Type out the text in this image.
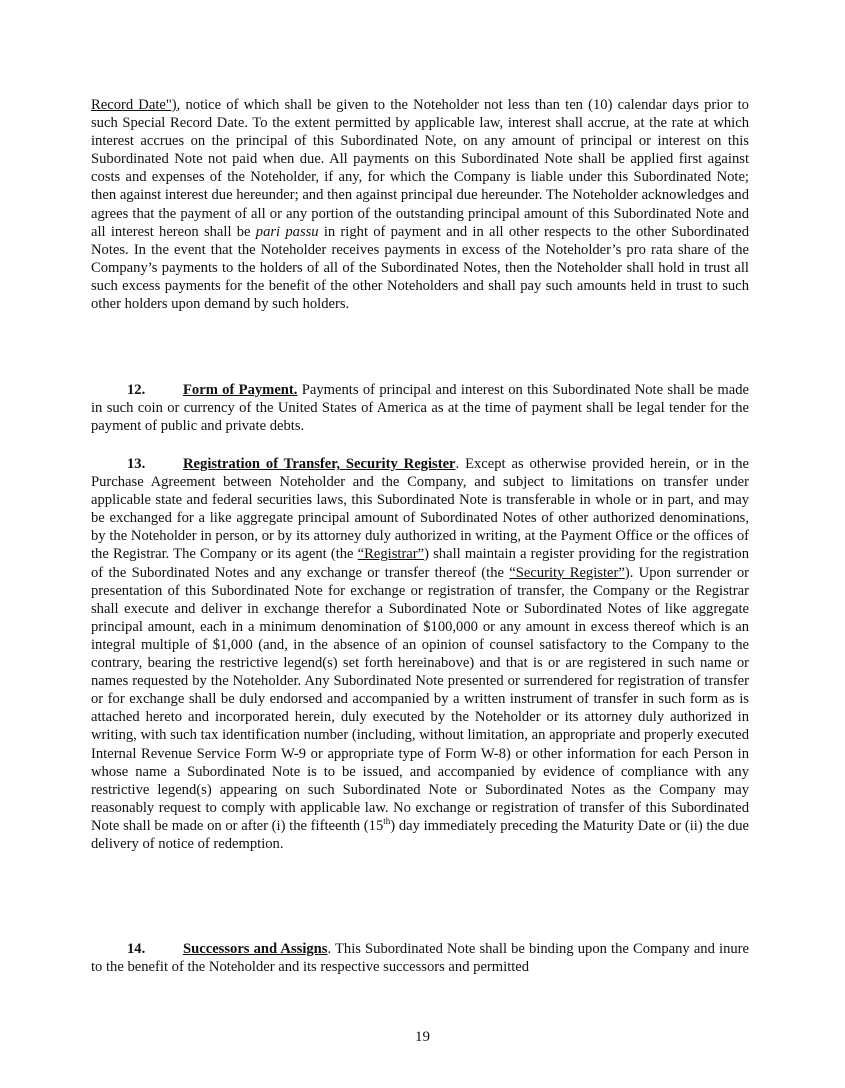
Record Date"), notice of which shall be given to the Noteholder not less than ten (10) calendar days prior to such Special Record Date. To the extent permitted by applicable law, interest shall accrue, at the rate at which interest accrues on the principal of this Subordinated Note, on any amount of principal or interest on this Subordinated Note not paid when due. All payments on this Subordinated Note shall be applied first against costs and expenses of the Noteholder, if any, for which the Company is liable under this Subordinated Note; then against interest due hereunder; and then against principal due hereunder. The Noteholder acknowledges and agrees that the payment of all or any portion of the outstanding principal amount of this Subordinated Note and all interest hereon shall be pari passu in right of payment and in all other respects to the other Subordinated Notes. In the event that the Noteholder receives payments in excess of the Noteholder’s pro rata share of the Company’s payments to the holders of all of the Subordinated Notes, then the Noteholder shall hold in trust all such excess payments for the benefit of the other Noteholders and shall pay such amounts held in trust to such other holders upon demand by such holders.

12.	Form of Payment. Payments of principal and interest on this Subordinated Note shall be made in such coin or currency of the United States of America as at the time of payment shall be legal tender for the payment of public and private debts.

13.	Registration of Transfer, Security Register. Except as otherwise provided herein, or in the Purchase Agreement between Noteholder and the Company, and subject to limitations on transfer under applicable state and federal securities laws, this Subordinated Note is transferable in whole or in part, and may be exchanged for a like aggregate principal amount of Subordinated Notes of other authorized denominations, by the Noteholder in person, or by its attorney duly authorized in writing, at the Payment Office or the offices of the Registrar. The Company or its agent (the “Registrar”) shall maintain a register providing for the registration of the Subordinated Notes and any exchange or transfer thereof (the “Security Register”). Upon surrender or presentation of this Subordinated Note for exchange or registration of transfer, the Company or the Registrar shall execute and deliver in exchange therefor a Subordinated Note or Subordinated Notes of like aggregate principal amount, each in a minimum denomination of $100,000 or any amount in excess thereof which is an integral multiple of $1,000 (and, in the absence of an opinion of counsel satisfactory to the Company to the contrary, bearing the restrictive legend(s) set forth hereinabove) and that is or are registered in such name or names requested by the Noteholder. Any Subordinated Note presented or surrendered for registration of transfer or for exchange shall be duly endorsed and accompanied by a written instrument of transfer in such form as is attached hereto and incorporated herein, duly executed by the Noteholder or its attorney duly authorized in writing, with such tax identification number (including, without limitation, an appropriate and properly executed Internal Revenue Service Form W-9 or appropriate type of Form W-8) or other information for each Person in whose name a Subordinated Note is to be issued, and accompanied by evidence of compliance with any restrictive legend(s) appearing on such Subordinated Note or Subordinated Notes as the Company may reasonably request to comply with applicable law. No exchange or registration of transfer of this Subordinated Note shall be made on or after (i) the fifteenth (15th) day immediately preceding the Maturity Date or (ii) the due delivery of notice of redemption.

14.	Successors and Assigns. This Subordinated Note shall be binding upon the Company and inure to the benefit of the Noteholder and its respective successors and permitted

19
